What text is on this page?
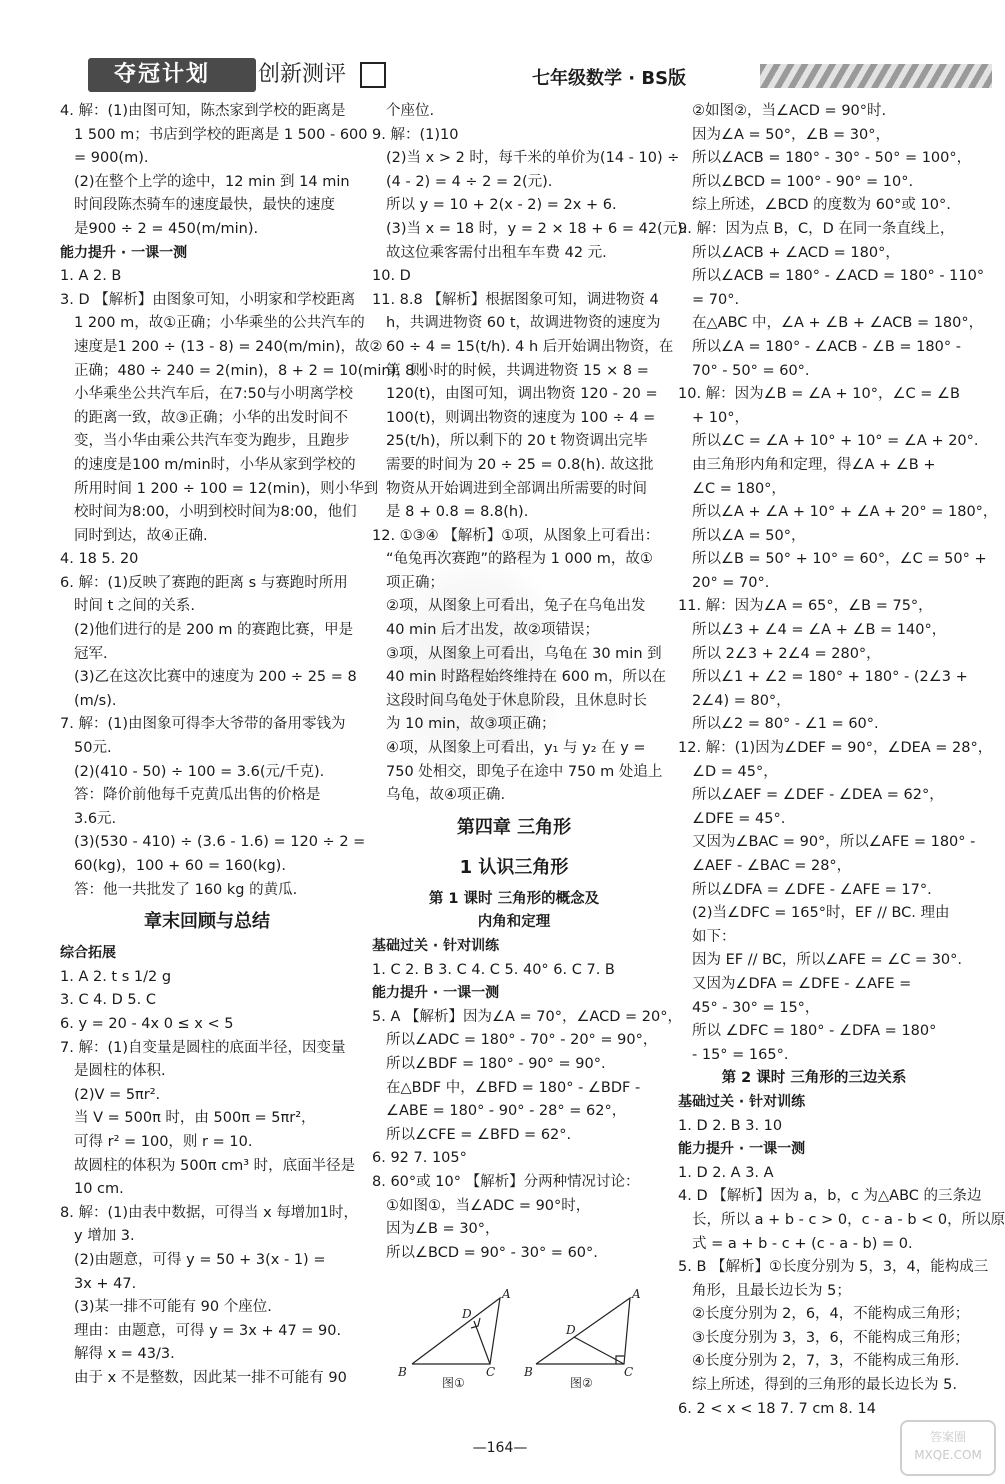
夺冠计划	创新测评	七年级数学 · BS版
4. 解：(1)由图可知，陈杰家到学校的距离是
1 500 m；书店到学校的距离是 1 500 - 600
= 900(m).
(2)在整个上学的途中，12 min 到 14 min
时间段陈杰骑车的速度最快，最快的速度
是900 ÷ 2 = 450(m/min).
能力提升 · 一课一测
1. A 2. B
3. D 【解析】由图象可知，小明家和学校距离
1 200 m，故①正确；小华乘坐的公共汽车的
速度是1 200 ÷ (13 - 8) = 240(m/min)，故②
正确；480 ÷ 240 = 2(min)，8 + 2 = 10(min)，则
小华乘坐公共汽车后，在7:50与小明离学校
的距离一致，故③正确；小华的出发时间不
变，当小华由乘公共汽车变为跑步，且跑步
的速度是100 m/min时，小华从家到学校的
所用时间 1 200 ÷ 100 = 12(min)，则小华到
校时间为8:00，小明到校时间为8:00，他们
同时到达，故④正确.
4. 18 5. 20
6. 解：(1)反映了赛跑的距离 s 与赛跑时所用
时间 t 之间的关系.
(2)他们进行的是 200 m 的赛跑比赛，甲是
冠军.
(3)乙在这次比赛中的速度为 200 ÷ 25 = 8
(m/s).
7. 解：(1)由图象可得李大爷带的备用零钱为
50元.
(2)(410 - 50) ÷ 100 = 3.6(元/千克).
答：降价前他每千克黄瓜出售的价格是
3.6元.
(3)(530 - 410) ÷ (3.6 - 1.6) = 120 ÷ 2 =
60(kg)，100 + 60 = 160(kg).
答：他一共批发了 160 kg 的黄瓜.
章末回顾与总结
综合拓展
1. A 2. t s 1/2 g
3. C 4. D 5. C
6. y = 20 - 4x 0 ≤ x < 5
7. 解：(1)自变量是圆柱的底面半径，因变量
是圆柱的体积.
(2)V = 5πr².
当 V = 500π 时，由 500π = 5πr²，
可得 r² = 100，则 r = 10.
故圆柱的体积为 500π cm³ 时，底面半径是
10 cm.
8. 解：(1)由表中数据，可得当 x 每增加1时，
y 增加 3.
(2)由题意，可得 y = 50 + 3(x - 1) =
3x + 47.
(3)某一排不可能有 90 个座位.
理由：由题意，可得 y = 3x + 47 = 90.
解得 x = 43/3.
由于 x 不是整数，因此某一排不可能有 90
个座位.
9. 解：(1)10
(2)当 x > 2 时，每千米的单价为(14 - 10) ÷
(4 - 2) = 4 ÷ 2 = 2(元).
所以 y = 10 + 2(x - 2) = 2x + 6.
(3)当 x = 18 时，y = 2 × 18 + 6 = 42(元).
故这位乘客需付出租车车费 42 元.
10. D
11. 8.8 【解析】根据图象可知，调进物资 4
h，共调进物资 60 t，故调进物资的速度为
60 ÷ 4 = 15(t/h). 4 h 后开始调出物资，在
第 8 小时的时候，共调进物资 15 × 8 =
120(t)，由图可知，调出物资 120 - 20 =
100(t)，则调出物资的速度为 100 ÷ 4 =
25(t/h)，所以剩下的 20 t 物资调出完毕
需要的时间为 20 ÷ 25 = 0.8(h). 故这批
物资从开始调进到全部调出所需要的时间
是 8 + 0.8 = 8.8(h).
12. ①③④ 【解析】①项，从图象上可看出：
“龟兔再次赛跑”的路程为 1 000 m，故①
项正确；
②项，从图象上可看出，兔子在乌龟出发
40 min 后才出发，故②项错误；
③项，从图象上可看出，乌龟在 30 min 到
40 min 时路程始终维持在 600 m，所以在
这段时间乌龟处于休息阶段，且休息时长
为 10 min，故③项正确；
④项，从图象上可看出，y₁ 与 y₂ 在 y =
750 处相交，即兔子在途中 750 m 处追上
乌龟，故④项正确.
第四章 三角形
1 认识三角形
第 1 课时 三角形的概念及
内角和定理
基础过关 · 针对训练
1. C 2. B 3. C 4. C 5. 40° 6. C 7. B
能力提升 · 一课一测
5. A 【解析】因为∠A = 70°，∠ACD = 20°，
所以∠ADC = 180° - 70° - 20° = 90°，
所以∠BDF = 180° - 90° = 90°.
在△BDF 中，∠BFD = 180° - ∠BDF -
∠ABE = 180° - 90° - 28° = 62°，
所以∠CFE = ∠BFD = 62°.
6. 92 7. 105°
8. 60°或 10° 【解析】分两种情况讨论：
①如图①，当∠ADC = 90°时，
因为∠B = 30°，
所以∠BCD = 90° - 30° = 60°.
②如图②，当∠ACD = 90°时.
因为∠A = 50°，∠B = 30°，
所以∠ACB = 180° - 30° - 50° = 100°，
所以∠BCD = 100° - 90° = 10°.
综上所述，∠BCD 的度数为 60°或 10°.
9. 解：因为点 B，C，D 在同一条直线上，
所以∠ACB + ∠ACD = 180°，
所以∠ACB = 180° - ∠ACD = 180° - 110°
= 70°.
在△ABC 中，∠A + ∠B + ∠ACB = 180°，
所以∠A = 180° - ∠ACB - ∠B = 180° -
70° - 50° = 60°.
10. 解：因为∠B = ∠A + 10°，∠C = ∠B
+ 10°，
所以∠C = ∠A + 10° + 10° = ∠A + 20°.
由三角形内角和定理，得∠A + ∠B +
∠C = 180°，
所以∠A + ∠A + 10° + ∠A + 20° = 180°，
所以∠A = 50°，
所以∠B = 50° + 10° = 60°，∠C = 50° +
20° = 70°.
11. 解：因为∠A = 65°，∠B = 75°，
所以∠3 + ∠4 = ∠A + ∠B = 140°，
所以 2∠3 + 2∠4 = 280°，
所以∠1 + ∠2 = 180° + 180° - (2∠3 +
2∠4) = 80°，
所以∠2 = 80° - ∠1 = 60°.
12. 解：(1)因为∠DEF = 90°，∠DEA = 28°，
∠D = 45°，
所以∠AEF = ∠DEF - ∠DEA = 62°，
∠DFE = 45°.
又因为∠BAC = 90°，所以∠AFE = 180° -
∠AEF - ∠BAC = 28°，
所以∠DFA = ∠DFE - ∠AFE = 17°.
(2)当∠DFC = 165°时，EF // BC. 理由
如下：
因为 EF // BC，所以∠AFE = ∠C = 30°.
又因为∠DFA = ∠DFE - ∠AFE =
45° - 30° = 15°，
所以 ∠DFC = 180° - ∠DFA = 180°
- 15° = 165°.
第 2 课时 三角形的三边关系
基础过关 · 针对训练
1. D 2. B 3. 10
能力提升 · 一课一测
1. D 2. A 3. A
4. D 【解析】因为 a，b，c 为△ABC 的三条边
长，所以 a + b - c > 0，c - a - b < 0，所以原
式 = a + b - c + (c - a - b) = 0.
5. B 【解析】①长度分别为 5，3，4，能构成三
角形，且最长边长为 5；
②长度分别为 2，6，4，不能构成三角形；
③长度分别为 3，3，6，不能构成三角形；
④长度分别为 2，7，3，不能构成三角形.
综上所述，得到的三角形的最长边长为 5.
6. 2 < x < 18 7. 7 cm 8. 14
A
D
B	C
A
D
B	C
图①	图②
—164—
答案圈
MXQE.COM
